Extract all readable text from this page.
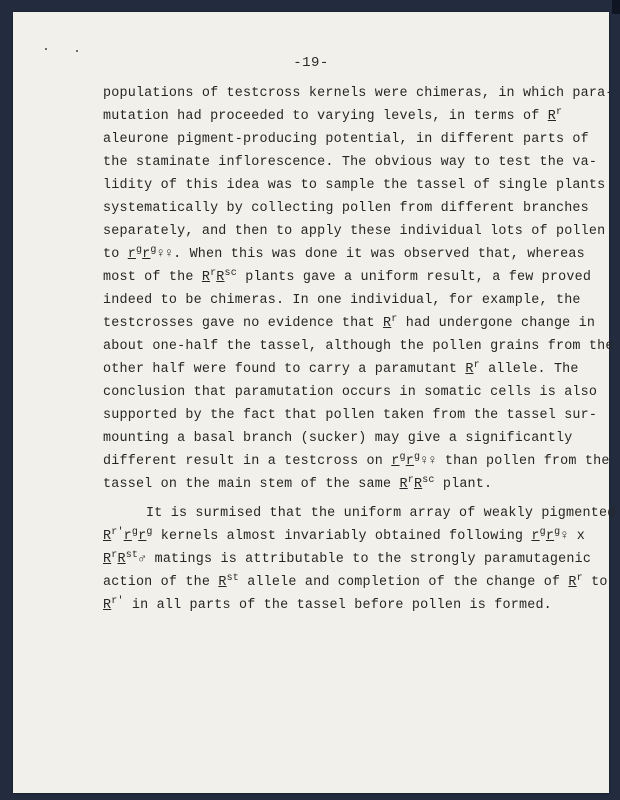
-19-
populations of testcross kernels were chimeras, in which para-
mutation had proceeded to varying levels, in terms of $R^r$
aleurone pigment-producing potential, in different parts of
the staminate inflorescence. The obvious way to test the va-
lidity of this idea was to sample the tassel of single plants
systematically by collecting pollen from different branches
separately, and then to apply these individual lots of pollen
to $r^gr^g♀♀$. When this was done it was observed that, whereas
most of the $R^rR^{sc}$ plants gave a uniform result, a few proved
indeed to be chimeras. In one individual, for example, the
testcrosses gave no evidence that $R^r$ had undergone change in
about one-half the tassel, although the pollen grains from the
other half were found to carry a paramutant $R^r$ allele. The
conclusion that paramutation occurs in somatic cells is also
supported by the fact that pollen taken from the tassel sur-
mounting a basal branch (sucker) may give a significantly
different result in a testcross on $r^gr^g♀♀$ than pollen from the
tassel on the main stem of the same $R^rR^{sc}$ plant.
It is surmised that the uniform array of weakly pigmented
$R^{r'}r^gr^g$ kernels almost invariably obtained following $r^gr^g♀$ x
$R^rR^{st}♂$ matings is attributable to the strongly paramutagenic
action of the $R^{st}$ allele and completion of the change of $R^r$ to
$R^{r'}$ in all parts of the tassel before pollen is formed.
